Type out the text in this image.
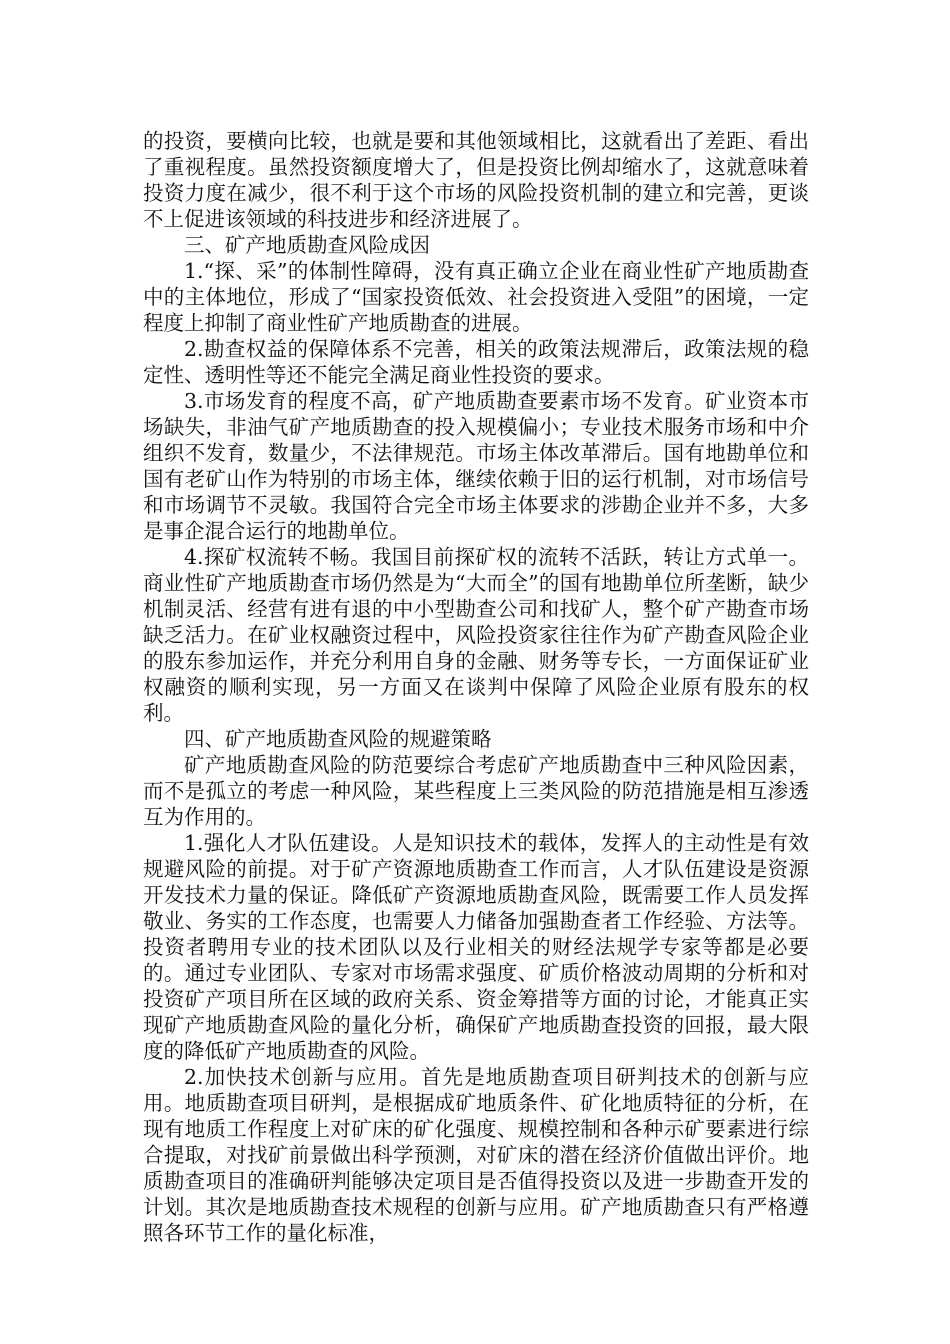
的投资，要横向比较，也就是要和其他领域相比，这就看出了差距、看出了重视程度。虽然投资额度增大了，但是投资比例却缩水了，这就意味着投资力度在减少，很不利于这个市场的风险投资机制的建立和完善，更谈不上促进该领域的科技进步和经济进展了。

三、矿产地质勘查风险成因

1.“探、采”的体制性障碍，没有真正确立企业在商业性矿产地质勘查中的主体地位，形成了“国家投资低效、社会投资进入受阻”的困境，一定程度上抑制了商业性矿产地质勘查的进展。

2.勘查权益的保障体系不完善，相关的政策法规滞后，政策法规的稳定性、透明性等还不能完全满足商业性投资的要求。

3.市场发育的程度不高，矿产地质勘查要素市场不发育。矿业资本市场缺失，非油气矿产地质勘查的投入规模偏小；专业技术服务市场和中介组织不发育，数量少，不法律规范。市场主体改革滞后。国有地勘单位和国有老矿山作为特别的市场主体，继续依赖于旧的运行机制，对市场信号和市场调节不灵敏。我国符合完全市场主体要求的涉勘企业并不多，大多是事企混合运行的地勘单位。

4.探矿权流转不畅。我国目前探矿权的流转不活跃，转让方式单一。商业性矿产地质勘查市场仍然是为“大而全”的国有地勘单位所垄断，缺少机制灵活、经营有进有退的中小型勘查公司和找矿人，整个矿产勘查市场缺乏活力。在矿业权融资过程中，风险投资家往往作为矿产勘查风险企业的股东参加运作，并充分利用自身的金融、财务等专长，一方面保证矿业权融资的顺利实现，另一方面又在谈判中保障了风险企业原有股东的权利。

四、矿产地质勘查风险的规避策略

矿产地质勘查风险的防范要综合考虑矿产地质勘查中三种风险因素，而不是孤立的考虑一种风险，某些程度上三类风险的防范措施是相互渗透互为作用的。

1.强化人才队伍建设。人是知识技术的载体，发挥人的主动性是有效规避风险的前提。对于矿产资源地质勘查工作而言，人才队伍建设是资源开发技术力量的保证。降低矿产资源地质勘查风险，既需要工作人员发挥敬业、务实的工作态度，也需要人力储备加强勘查者工作经验、方法等。投资者聘用专业的技术团队以及行业相关的财经法规学专家等都是必要的。通过专业团队、专家对市场需求强度、矿质价格波动周期的分析和对投资矿产项目所在区域的政府关系、资金筹措等方面的讨论，才能真正实现矿产地质勘查风险的量化分析，确保矿产地质勘查投资的回报，最大限度的降低矿产地质勘查的风险。

2.加快技术创新与应用。首先是地质勘查项目研判技术的创新与应用。地质勘查项目研判，是根据成矿地质条件、矿化地质特征的分析，在现有地质工作程度上对矿床的矿化强度、规模控制和各种示矿要素进行综合提取，对找矿前景做出科学预测，对矿床的潜在经济价值做出评价。地质勘查项目的准确研判能够决定项目是否值得投资以及进一步勘查开发的计划。其次是地质勘查技术规程的创新与应用。矿产地质勘查只有严格遵照各环节工作的量化标准，
